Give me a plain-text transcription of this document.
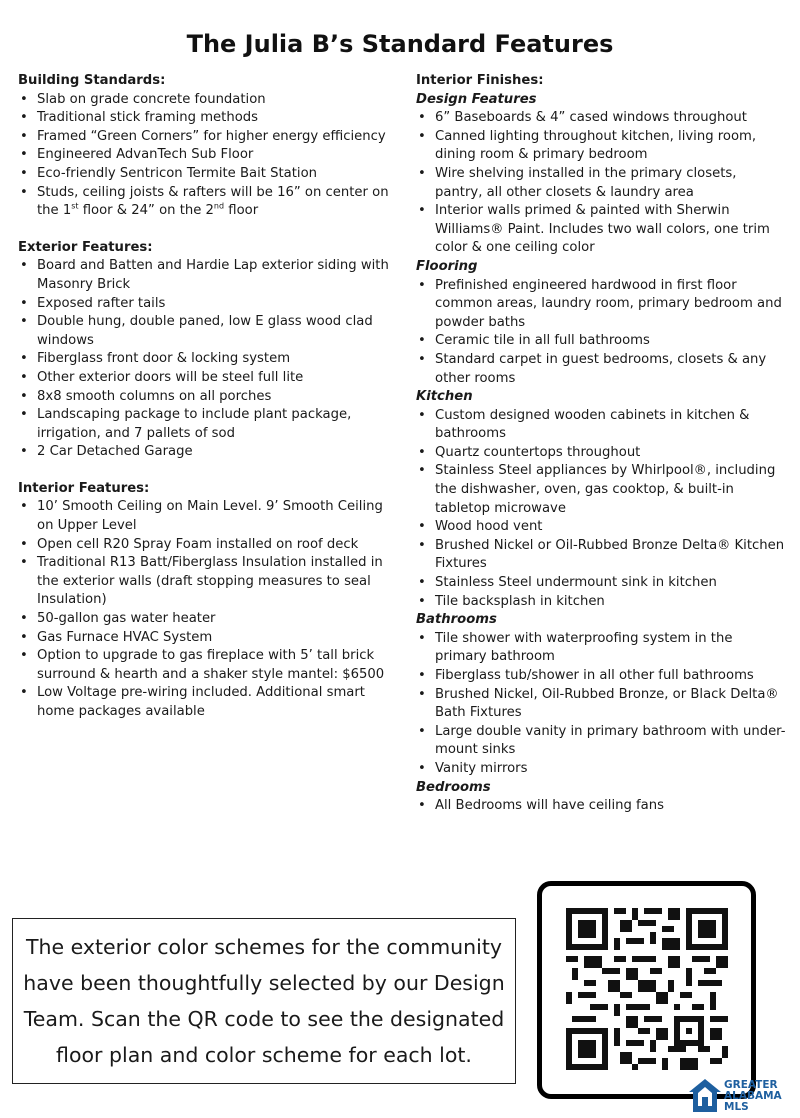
The Julia B’s Standard Features
Building Standards:
• Slab on grade concrete foundation
• Traditional stick framing methods
• Framed “Green Corners” for higher energy efficiency
• Engineered AdvanTech Sub Floor
• Eco-friendly Sentricon Termite Bait Station
• Studs, ceiling joists & rafters will be 16” on center on the 1st floor & 24” on the 2nd floor
Exterior Features:
• Board and Batten and Hardie Lap exterior siding with Masonry Brick
• Exposed rafter tails
• Double hung, double paned, low E glass wood clad windows
• Fiberglass front door & locking system
• Other exterior doors will be steel full lite
• 8x8 smooth columns on all porches
• Landscaping package to include plant package, irrigation, and 7 pallets of sod
• 2 Car Detached Garage
Interior Features:
• 10’ Smooth Ceiling on Main Level. 9’ Smooth Ceiling on Upper Level
• Open cell R20 Spray Foam installed on roof deck
• Traditional R13 Batt/Fiberglass Insulation installed in the exterior walls (draft stopping measures to seal Insulation)
• 50-gallon gas water heater
• Gas Furnace HVAC System
• Option to upgrade to gas fireplace with 5’ tall brick surround & hearth and a shaker style mantel: $6500
• Low Voltage pre-wiring included. Additional smart home packages available
Interior Finishes:
Design Features
• 6” Baseboards & 4” cased windows throughout
• Canned lighting throughout kitchen, living room, dining room & primary bedroom
• Wire shelving installed in the primary closets, pantry, all other closets & laundry area
• Interior walls primed & painted with Sherwin Williams® Paint. Includes two wall colors, one trim color & one ceiling color
Flooring
• Prefinished engineered hardwood in first floor common areas, laundry room, primary bedroom and powder baths
• Ceramic tile in all full bathrooms
• Standard carpet in guest bedrooms, closets & any other rooms
Kitchen
• Custom designed wooden cabinets in kitchen & bathrooms
• Quartz countertops throughout
• Stainless Steel appliances by Whirlpool®, including the dishwasher, oven, gas cooktop, & built-in tabletop microwave
• Wood hood vent
• Brushed Nickel or Oil-Rubbed Bronze Delta® Kitchen Fixtures
• Stainless Steel undermount sink in kitchen
• Tile backsplash in kitchen
Bathrooms
• Tile shower with waterproofing system in the primary bathroom
• Fiberglass tub/shower in all other full bathrooms
• Brushed Nickel, Oil-Rubbed Bronze, or Black Delta® Bath Fixtures
• Large double vanity in primary bathroom with under-mount sinks
• Vanity mirrors
Bedrooms
• All Bedrooms will have ceiling fans
The exterior color schemes for the community have been thoughtfully selected by our Design Team. Scan the QR code to see the designated floor plan and color scheme for each lot.
GREATER
ALABAMA
MLS
